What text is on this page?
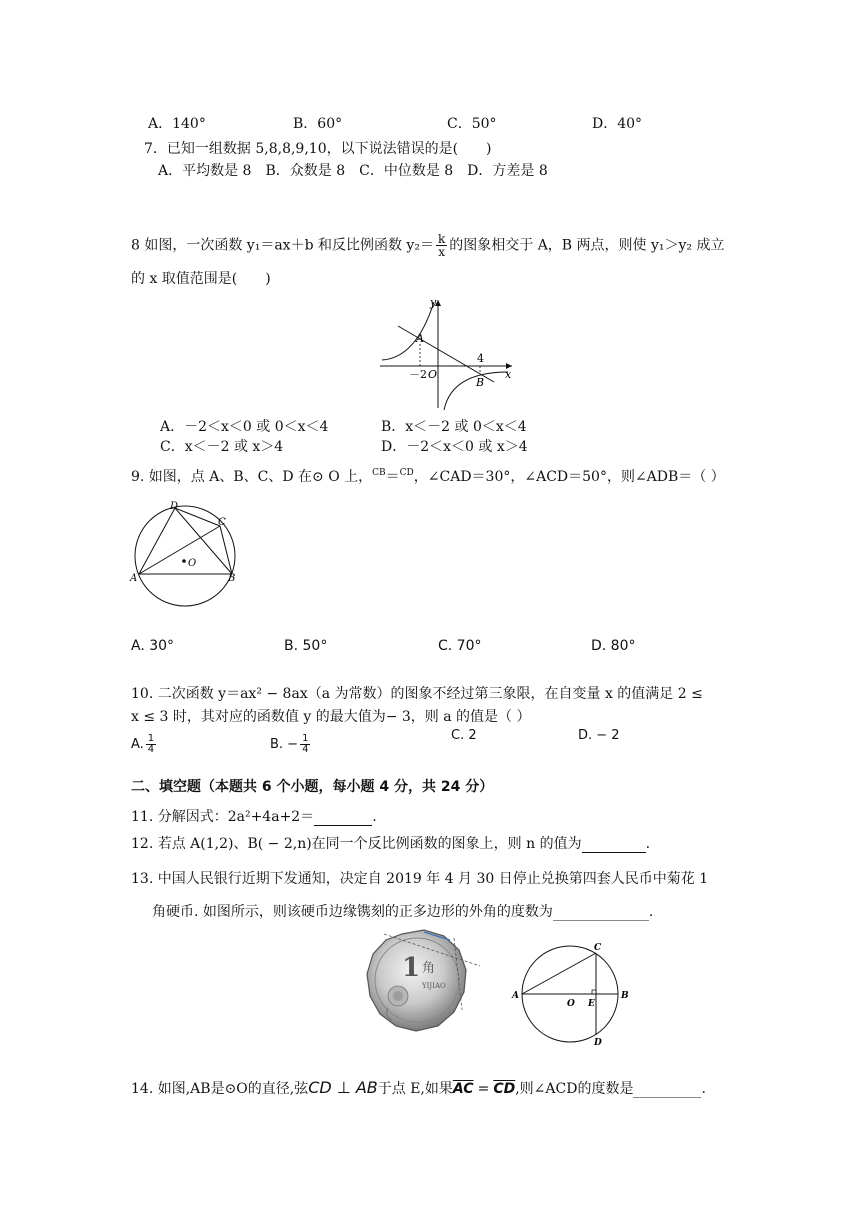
A．140°	B．60°	C．50°	D．40°
7．已知一组数据 5,8,8,9,10，以下说法错误的是(　　)
A．平均数是 8　B．众数是 8　C．中位数是 8　D．方差是 8
8 如图，一次函数 y₁＝ax＋b 和反比例函数 $y_2= \frac{k}{x}$ 的图象相交于 A，B 两点，则使 y₁＞y₂ 成立
的 x 取值范围是(　　)
y
x
A
B
O
－2
4
A．－2＜x＜0 或 0＜x＜4	B．x＜－2 或 0＜x＜4
C．x＜－2 或 x＞4	D．－2＜x＜0 或 x＞4
9. 如图，点 A、B、C、D 在⊙ O 上，CB＝CD，∠CAD＝30°，∠ACD＝50°，则∠ADB＝（ ）
D
C
A	B
O
A. 30°	B. 50°	C. 70°	D. 80°
10. 二次函数 y＝ax² − 8ax（a 为常数）的图象不经过第三象限，在自变量 x 的值满足 2 ≤
x ≤ 3 时，其对应的函数值 y 的最大值为− 3，则 a 的值是（ ）
A. $\frac{1}{4}$	B. − $\frac{1}{4}$	C. 2	D. − 2
二、填空题（本题共 6 个小题，每小题 4 分，共 24 分）
11. 分解因式：2a²+4a+2＝	.
12. 若点 A(1,2)、B( − 2,n)在同一个反比例函数的图象上，则 n 的值为	.
13. 中国人民银行近期下发通知，决定自 2019 年 4 月 30 日停止兑换第四套人民币中菊花 1
角硬币. 如图所示，则该硬币边缘镌刻的正多边形的外角的度数为	.
1 角
YIJIAO
C
D
A	B
O E
14. 如图,AB是⊙O的直径,弦CD ⊥ AB于点 E,如果$\overline{AC} = \overline{CD}$,则∠ACD的度数是	.
